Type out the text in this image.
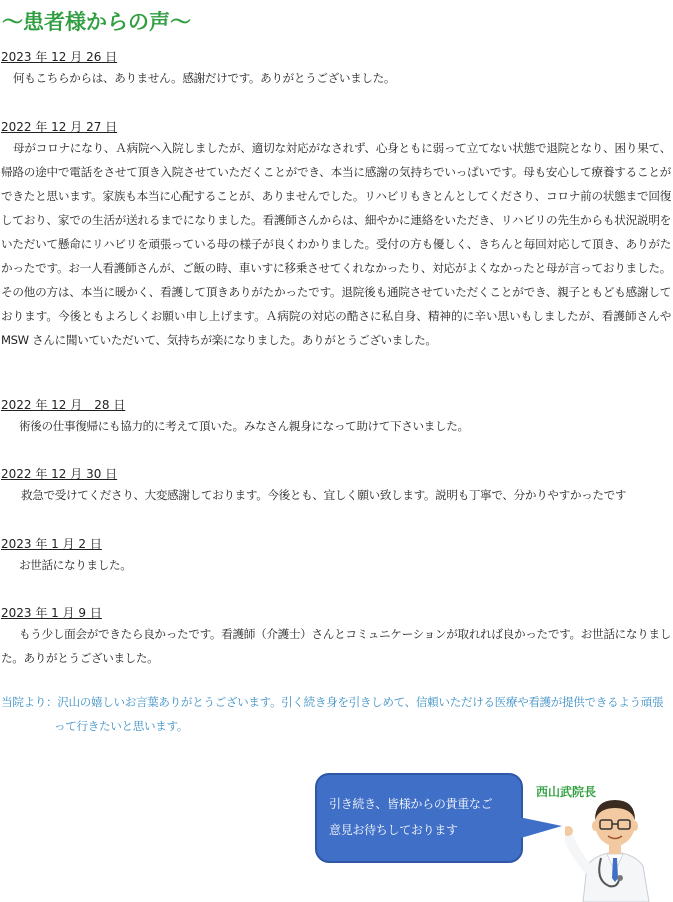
～患者様からの声～
2023 年 12 月 26 日

何もこちらからは、ありません。感謝だけです。ありがとうございました。

2022 年 12 月 27 日

母がコロナになり、Ａ病院へ入院しましたが、適切な対応がなされず、心身ともに弱って立てない状態で退院となり、困り果て、帰路の途中で電話をさせて頂き入院させていただくことができ、本当に感謝の気持ちでいっぱいです。母も安心して療養することができたと思います。家族も本当に心配することが、ありませんでした。リハビリもきとんとしてくださり、コロナ前の状態まで回復しており、家での生活が送れるまでになりました。看護師さんからは、細やかに連絡をいただき、リハビリの先生からも状況説明をいただいて懸命にリハビリを頑張っている母の様子が良くわかりました。受付の方も優しく、きちんと毎回対応して頂き、ありがたかったです。お一人看護師さんが、ご飯の時、車いすに移乗させてくれなかったり、対応がよくなかったと母が言っておりました。その他の方は、本当に暖かく、看護して頂きありがたかったです。退院後も通院させていただくことができ、親子ともども感謝しております。今後ともよろしくお願い申し上げます。Ａ病院の対応の酷さに私自身、精神的に辛い思いもしましたが、看護師さんや MSW さんに聞いていただいて、気持ちが楽になりました。ありがとうございました。

2022 年 12 月　28 日

術後の仕事復帰にも協力的に考えて頂いた。みなさん親身になって助けて下さいました。

2022 年 12 月 30 日

救急で受けてくださり、大変感謝しております。今後とも、宜しく願い致します。説明も丁寧で、分かりやすかったです

2023 年 1 月 2 日

お世話になりました。

2023 年 1 月 9 日

もう少し面会ができたら良かったです。看護師（介護士）さんとコミュニケーションが取れれば良かったです。お世話になりました。ありがとうございました。

当院より： 沢山の嬉しいお言葉ありがとうございます。引く続き身を引きしめて、信頼いただける医療や看護が提供できるよう頑張って行きたいと思います。
引き続き、皆様からの貴重なご
意見お待ちしております
西山武院長
